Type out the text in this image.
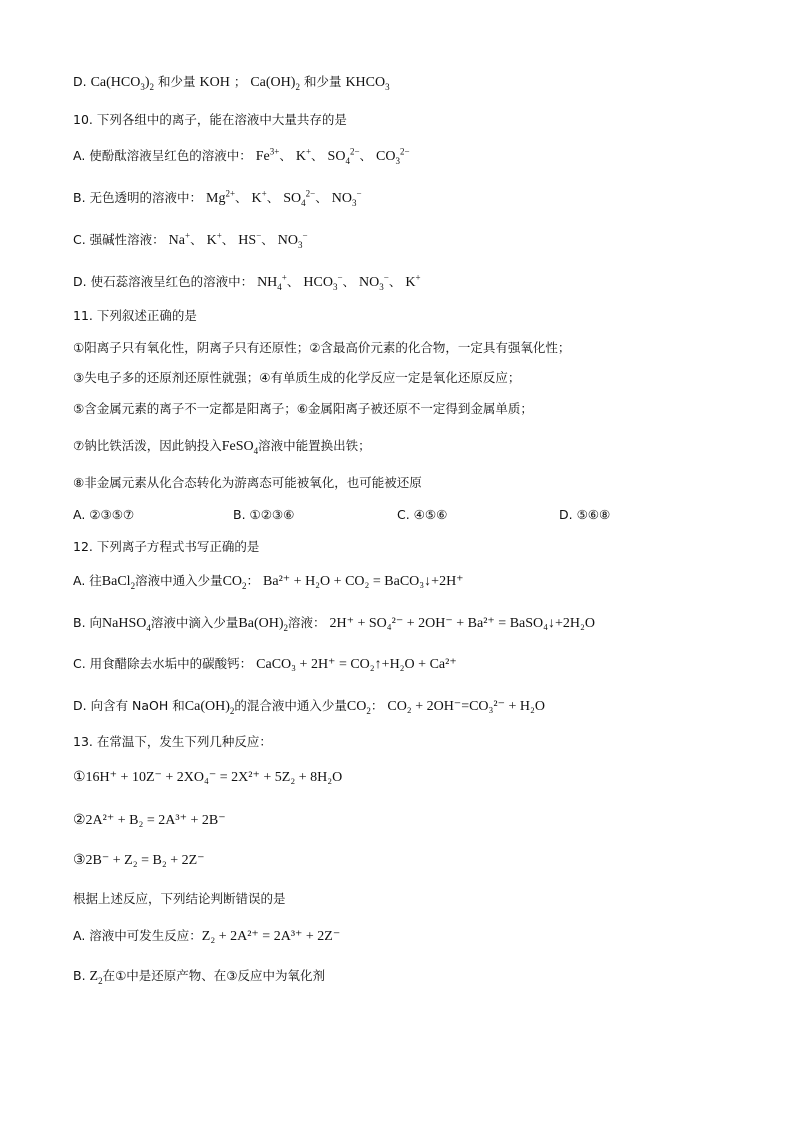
D. $Ca(HCO_3)_2$ 和少量 KOH ； $Ca(OH)_2$ 和少量 $KHCO_3$
10. 下列各组中的离子，能在溶液中大量共存的是
A. 使酚酞溶液呈红色的溶液中： $Fe^{3+}$、 K+、 $SO_4^{2-}$、 $CO_3^{2-}$
B. 无色透明的溶液中： $Mg^{2+}$、 K+、 $SO_4^{2-}$、 $NO_3^-$
C. 强碱性溶液： Na+、 K+、 HS−、 $NO_3^-$
D. 使石蕊溶液呈红色的溶液中： $NH_4^+$、 $HCO_3^-$、 $NO_3^-$、 K+
11. 下列叙述正确的是
①阳离子只有氧化性，阴离子只有还原性；②含最高价元素的化合物，一定具有强氧化性；
③失电子多的还原剂还原性就强；④有单质生成的化学反应一定是氧化还原反应；
⑤含金属元素的离子不一定都是阳离子；⑥金属阳离子被还原不一定得到金属单质；
⑦钠比铁活泼，因此钠投入FeSO$_4$溶液中能置换出铁；
⑧非金属元素从化合态转化为游离态可能被氧化，也可能被还原
A. ②③⑤⑦	B. ①②③⑥	C. ④⑤⑥	D. ⑤⑥⑧
12. 下列离子方程式书写正确的是
A. 往BaCl$_2$溶液中通入少量$CO_2$： Ba²⁺ + H₂O + CO₂ = BaCO₃↓+2H⁺
B. 向NaHSO$_4$溶液中滴入少量$Ba(OH)_2$溶液： 2H⁺ + SO₄²⁻ + 2OH⁻ + Ba²⁺ = BaSO₄↓+2H₂O
C. 用食醋除去水垢中的碳酸钙： CaCO₃ + 2H⁺ = CO₂↑+H₂O + Ca²⁺
D. 向含有 NaOH 和$Ca(OH)_2$的混合液中通入少量$CO_2$： CO₂ + 2OH⁻=CO₃²⁻ + H₂O
13. 在常温下，发生下列几种反应：
①16H⁺ + 10Z⁻ + 2XO₄⁻ = 2X²⁺ + 5Z₂ + 8H₂O
②2A²⁺ + B₂ = 2A³⁺ + 2B⁻
③2B⁻ + Z₂ = B₂ + 2Z⁻
根据上述反应，下列结论判断错误的是
A. 溶液中可发生反应：Z₂ + 2A²⁺ = 2A³⁺ + 2Z⁻
B. $Z_2$在①中是还原产物、在③反应中为氧化剂
